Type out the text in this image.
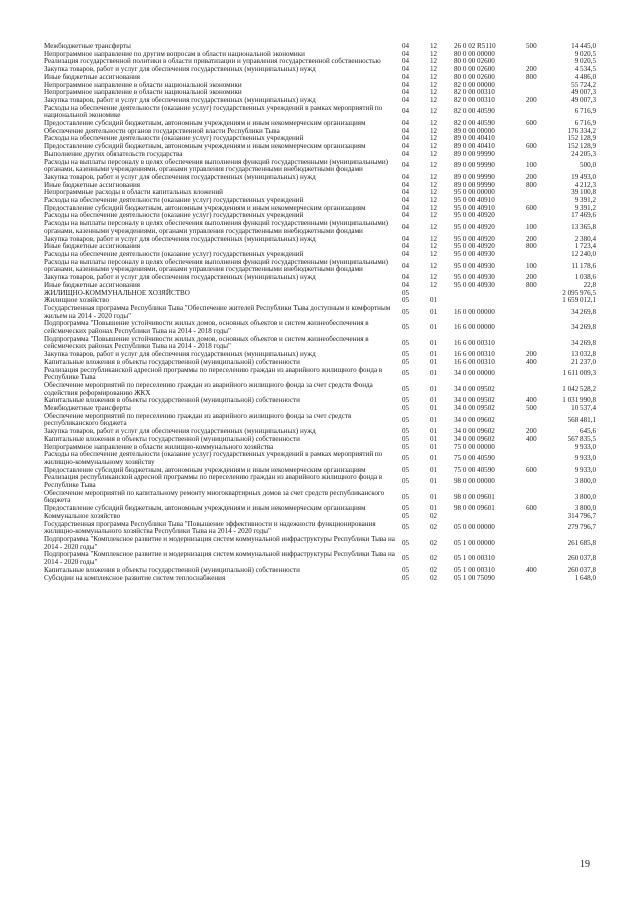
Межбюджетные трансферты	04	12	26 0 02 R5110	500	14 445,0
Непрограммное направление по другим вопросам в области национальной экономики	04	12	80 0 00 00000		9 020,5
Реализация государственной политики в области приватизации и управления государственной собственностью	04	12	80 0 00 02600		9 020,5
Закупка товаров, работ и услуг для обеспечения государственных (муниципальных) нужд	04	12	80 0 00 02600	200	4 534,5
Иные бюджетные ассигнования	04	12	80 0 00 02600	800	4 486,0
Непрограммное направление в области национальной экономики	04	12	82 0 00 00000		55 724,2
Непрограммное направление в области национальной экономики	04	12	82 0 00 00310		49 007,3
Закупка товаров, работ и услуг для обеспечения государственных (муниципальных) нужд	04	12	82 0 00 00310	200	49 007,3
Расходы на обеспечение деятельности (оказание услуг) государственных учреждений в рамках мероприятий по национальной экономике	04	12	82 0 00 40590		6 716,9
Предоставление субсидий бюджетным, автономным учреждениям и иным некоммерческим организациям	04	12	82 0 00 40590	600	6 716,9
Обеспечение деятельности органов государственной власти Республики Тыва	04	12	89 0 00 00000		176 334,2
Расходы на обеспечение деятельности (оказание услуг) государственных учреждений	04	12	89 0 00 40410		152 128,9
Предоставление субсидий бюджетным, автономным учреждениям и иным некоммерческим организациям	04	12	89 0 00 40410	600	152 128,9
Выполнение других обязательств государства	04	12	89 0 00 99990		24 205,3
Расходы на выплаты персоналу в целях обеспечения выполнения функций государственными (муниципальными) органами, казенными учреждениями, органами управления государственными внебюджетными фондами	04	12	89 0 00 99990	100	500,0
Закупка товаров, работ и услуг для обеспечения государственных (муниципальных) нужд	04	12	89 0 00 99990	200	19 493,0
Иные бюджетные ассигнования	04	12	89 0 00 99990	800	4 212,3
Непрограммные расходы в области капитальных вложений	04	12	95 0 00 00000		39 100,8
Расходы на обеспечение деятельности (оказание услуг) государственных учреждений	04	12	95 0 00 40910		9 391,2
Предоставление субсидий бюджетным, автономным учреждениям и иным некоммерческим организациям	04	12	95 0 00 40910	600	9 391,2
Расходы на обеспечение деятельности (оказание услуг) государственных учреждений	04	12	95 0 00 40920		17 469,6
Расходы на выплаты персоналу в целях обеспечения выполнения функций государственными (муниципальными) органами, казенными учреждениями, органами управления государственными внебюджетными фондами	04	12	95 0 00 40920	100	13 365,8
Закупка товаров, работ и услуг для обеспечения государственных (муниципальных) нужд	04	12	95 0 00 40920	200	2 380,4
Иные бюджетные ассигнования	04	12	95 0 00 40920	800	1 723,4
Расходы на обеспечение деятельности (оказание услуг) государственных учреждений	04	12	95 0 00 40930		12 240,0
Расходы на выплаты персоналу в целях обеспечения выполнения функций государственными (муниципальными) органами, казенными учреждениями, органами управления государственными внебюджетными фондами	04	12	95 0 00 40930	100	11 178,6
Закупка товаров, работ и услуг для обеспечения государственных (муниципальных) нужд	04	12	95 0 00 40930	200	1 038,6
Иные бюджетные ассигнования	04	12	95 0 00 40930	800	22,8
ЖИЛИЩНО-КОММУНАЛЬНОЕ ХОЗЯЙСТВО	05				2 095 976,5
Жилищное хозяйство	05	01			1 659 012,1
Государственная программа Республики Тыва "Обеспечение жителей Республики Тыва доступным и комфортным жильем на 2014 - 2020 годы"	05	01	16 0 00 00000		34 269,8
Подпрограмма "Повышение устойчивости жилых домов, основных объектов и систем жизнеобеспечения в сейсмических районах Республики Тыва на 2014 - 2018 годы"	05	01	16 6 00 00000		34 269,8
Подпрограмма "Повышение устойчивости жилых домов, основных объектов и систем жизнеобеспечения в сейсмических районах Республики Тыва на 2014 - 2018 годы"	05	01	16 6 00 00310		34 269,8
Закупка товаров, работ и услуг для обеспечения государственных (муниципальных) нужд	05	01	16 6 00 00310	200	13 032,8
Капитальные вложения в объекты государственной (муниципальной) собственности	05	01	16 6 00 00310	400	21 237,0
Реализация республиканской адресной программы по переселению граждан из аварийного жилищного фонда в Республике Тыва	05	01	34 0 00 00000		1 611 009,3
Обеспечение мероприятий по переселению граждан из аварийного жилищного фонда за счет средств Фонда содействия реформированию ЖКХ	05	01	34 0 00 09502		1 042 528,2
Капитальные вложения в объекты государственной (муниципальной) собственности	05	01	34 0 00 09502	400	1 031 990,8
Межбюджетные трансферты	05	01	34 0 00 09502	500	10 537,4
Обеспечение мероприятий по переселению граждан из аварийного жилищного фонда за счет средств республиканского бюджета	05	01	34 0 00 09602		568 481,1
Закупка товаров, работ и услуг для обеспечения государственных (муниципальных) нужд	05	01	34 0 00 09602	200	645,6
Капитальные вложения в объекты государственной (муниципальной) собственности	05	01	34 0 00 09602	400	567 835,5
Непрограммное направление в области жилищно-коммунального хозяйства	05	01	75 0 00 00000		9 933,0
Расходы на обеспечение деятельности (оказание услуг) государственных учреждений в рамках мероприятий по жилищно-коммунальному хозяйству	05	01	75 0 00 40590		9 933,0
Предоставление субсидий бюджетным, автономным учреждениям и иным некоммерческим организациям	05	01	75 0 00 40590	600	9 933,0
Реализация республиканской адресной программы по переселению граждан из аварийного жилищного фонда в Республике Тыва	05	01	98 0 00 00000		3 800,0
Обеспечение мероприятий по капитальному ремонту многоквартирных домов за счет средств республиканского бюджета	05	01	98 0 00 09601		3 800,0
Предоставление субсидий бюджетным, автономным учреждениям и иным некоммерческим организациям	05	01	98 0 00 09601	600	3 800,0
Коммунальное хозяйство	05	02			314 796,7
Государственная программа Республики Тыва "Повышение эффективности и надежности функционирования жилищно-коммунального хозяйства Республики Тыва на 2014 - 2020 годы"	05	02	05 0 00 00000		279 796,7
Подпрограмма "Комплексное развитие и модернизация систем коммунальной инфраструктуры Республики Тыва на 2014 - 2020 годы"	05	02	05 1 00 00000		261 685,8
Подпрограмма "Комплексное развитие и модернизация систем коммунальной инфраструктуры Республики Тыва на 2014 - 2020 годы"	05	02	05 1 00 00310		260 037,8
Капитальные вложения в объекты государственной (муниципальной) собственности	05	02	05 1 00 00310	400	260 037,8
Субсидии на комплексное развитие систем теплоснабжения	05	02	05 1 00 75090		1 648,0
19
